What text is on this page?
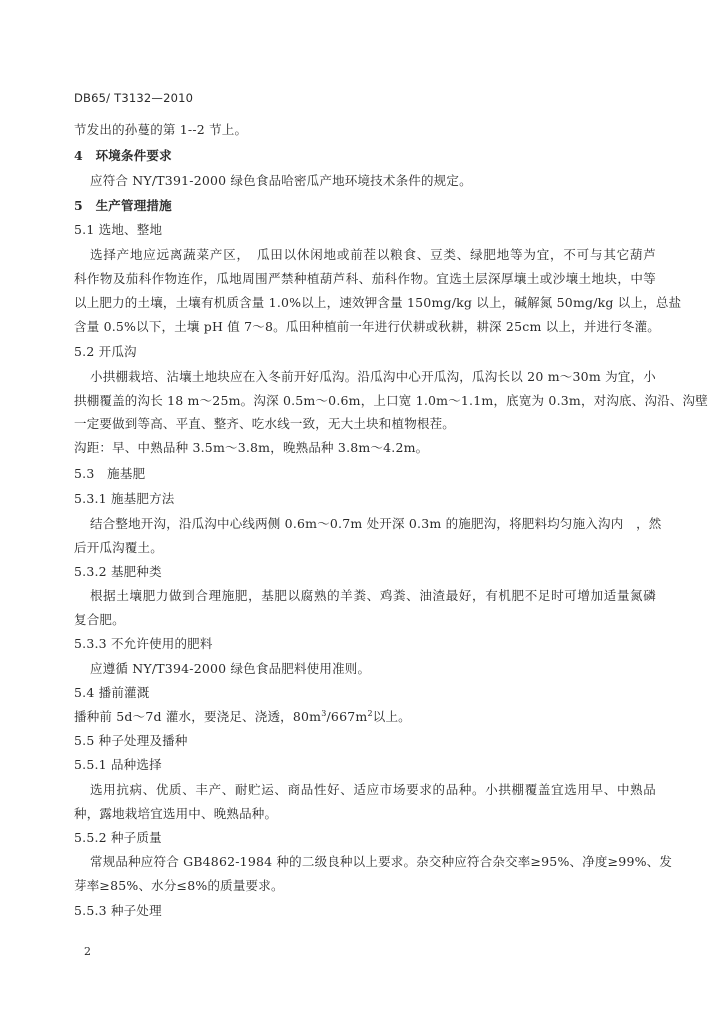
DB65/ T3132—2010
节发出的孙蔓的第 1--2 节上。
4　环境条件要求
应符合 NY/T391-2000 绿色食品哈密瓜产地环境技术条件的规定。
5　生产管理措施
5.1 选地、整地
选择产地应远离蔬菜产区，　瓜田以休闲地或前茬以粮食、豆类、绿肥地等为宜，不可与其它葫芦
科作物及茄科作物连作，瓜地周围严禁种植葫芦科、茄科作物。宜选土层深厚壤土或沙壤土地块，中等
以上肥力的土壤，土壤有机质含量 1.0%以上，速效钾含量 150mg/kg 以上，碱解氮 50mg/kg 以上，总盐
含量 0.5%以下，土壤 pH 值 7～8。瓜田种植前一年进行伏耕或秋耕，耕深 25cm 以上，并进行冬灌。
5.2 开瓜沟
小拱棚栽培、沾壤土地块应在入冬前开好瓜沟。沿瓜沟中心开瓜沟，瓜沟长以 20 m～30m 为宜，小
拱棚覆盖的沟长 18 m～25m。沟深 0.5m～0.6m，上口宽 1.0m～1.1m，底宽为 0.3m，对沟底、沟沿、沟壁
一定要做到等高、平直、整齐、吃水线一致，无大土块和植物根茬。
沟距：早、中熟品种 3.5m～3.8m，晚熟品种 3.8m～4.2m。
5.3　施基肥
5.3.1 施基肥方法
结合整地开沟，沿瓜沟中心线两侧 0.6m～0.7m 处开深 0.3m 的施肥沟，将肥料均匀施入沟内　，然
后开瓜沟覆土。
5.3.2 基肥种类
根据土壤肥力做到合理施肥，基肥以腐熟的羊粪、鸡粪、油渣最好，有机肥不足时可增加适量氮磷
复合肥。
5.3.3 不允许使用的肥料
应遵循 NY/T394-2000 绿色食品肥料使用准则。
5.4 播前灌溉
播种前 5d～7d 灌水，要浇足、浇透，$80m^3/667m^2$以上。
5.5 种子处理及播种
5.5.1 品种选择
选用抗病、优质、丰产、耐贮运、商品性好、适应市场要求的品种。小拱棚覆盖宜选用早、中熟品
种，露地栽培宜选用中、晚熟品种。
5.5.2 种子质量
常规品种应符合 GB4862-1984 种的二级良种以上要求。杂交种应符合杂交率≥95%、净度≥99%、发
芽率≥85%、水分≤8%的质量要求。
5.5.3 种子处理
2
